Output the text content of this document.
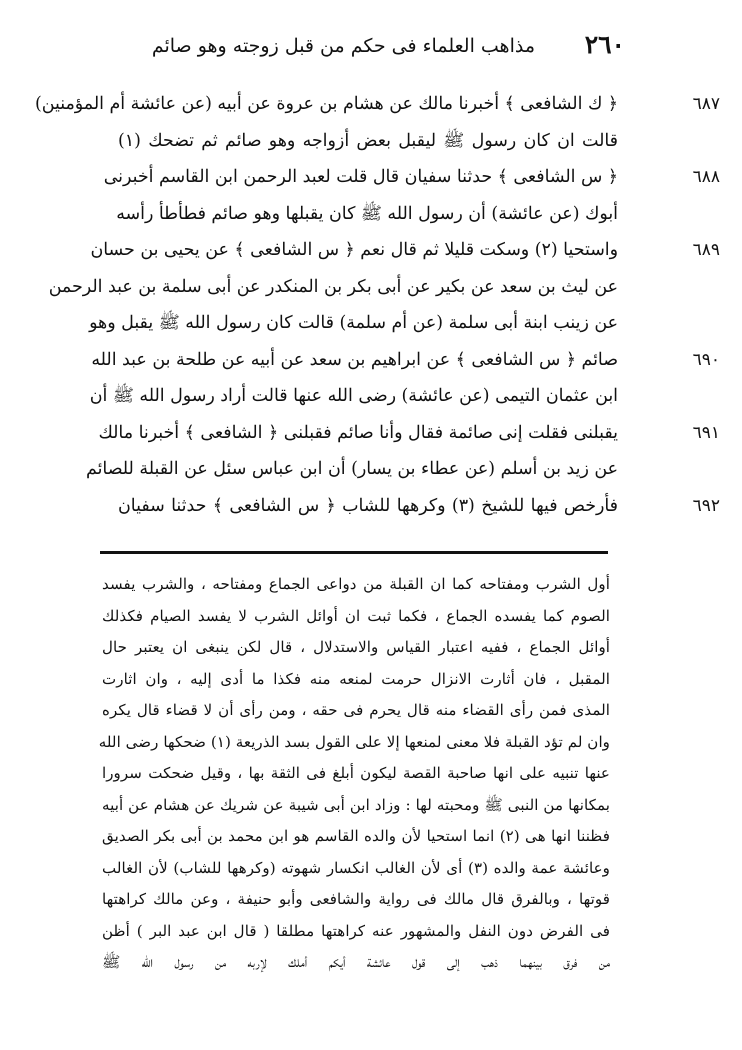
٢٦٠
مذاهب العلماء فى حكم من قبل زوجته وهو صائم
٦٨٧
﴿ ك الشافعى ﴾ أخبرنا مالك عن هشام بن عروة عن أبيه (عن عائشة أم المؤمنين)
قالت ان كان رسول ﷺ ليقبل بعض أزواجه وهو صائم ثم تضحك (١)
٦٨٨
﴿ س الشافعى ﴾ حدثنا سفيان قال قلت لعبد الرحمن ابن القاسم أخبرنى
أبوك (عن عائشة) أن رسول الله ﷺ كان يقبلها وهو صائم فطأطأ رأسه
٦٨٩
واستحيا (٢) وسكت قليلا ثم قال نعم ﴿ س الشافعى ﴾ عن يحيى بن حسان
عن ليث بن سعد عن بكير عن أبى بكر بن المنكدر عن أبى سلمة بن عبد الرحمن
عن زينب ابنة أبى سلمة (عن أم سلمة) قالت كان رسول الله ﷺ يقبل وهو
٦٩٠
صائم ﴿ س الشافعى ﴾ عن ابراهيم بن سعد عن أبيه عن طلحة بن عبد الله
ابن عثمان التيمى (عن عائشة) رضى الله عنها قالت أراد رسول الله ﷺ أن
٦٩١
يقبلنى فقلت إنى صائمة فقال وأنا صائم فقبلنى ﴿ الشافعى ﴾ أخبرنا مالك
عن زيد بن أسلم (عن عطاء بن يسار) أن ابن عباس سئل عن القبلة للصائم
٦٩٢
فأرخص فيها للشيخ (٣) وكرهها للشاب ﴿ س الشافعى ﴾ حدثنا سفيان
أول الشرب ومفتاحه كما ان القبلة من دواعى الجماع ومفتاحه ، والشرب يفسد
الصوم كما يفسده الجماع ، فكما ثبت ان أوائل الشرب لا يفسد الصيام فكذلك
أوائل الجماع ، ففيه اعتبار القياس والاستدلال ، قال لكن ينبغى ان يعتبر حال
المقبل ، فان أثارت الانزال حرمت لمنعه منه فكذا ما أدى إليه ، وان اثارت
المذى فمن رأى القضاء منه قال يحرم فى حقه ، ومن رأى أن لا قضاء قال يكره
وان لم تؤد القبلة فلا معنى لمنعها إلا على القول بسد الذريعة (١) ضحكها رضى الله
عنها تنبيه على انها صاحبة القصة ليكون أبلغ فى الثقة بها ، وقيل ضحكت سرورا
بمكانها من النبى ﷺ ومحبته لها : وزاد ابن أبى شيبة عن شريك عن هشام عن أبيه
فظننا انها هى (٢) انما استحيا لأن والده القاسم هو ابن محمد بن أبى بكر الصديق
وعائشة عمة والده (٣) أى لأن الغالب انكسار شهوته (وكرهها للشاب) لأن الغالب
قوتها ، وبالفرق قال مالك فى رواية والشافعى وأبو حنيفة ، وعن مالك كراهتها
فى الفرض دون النفل والمشهور عنه كراهتها مطلقا ( قال ابن عبد البر ) أظن
من فرق بينهما ذهب إلى قول عائشة أيكم أملك لإربه من رسول الله ﷺ
